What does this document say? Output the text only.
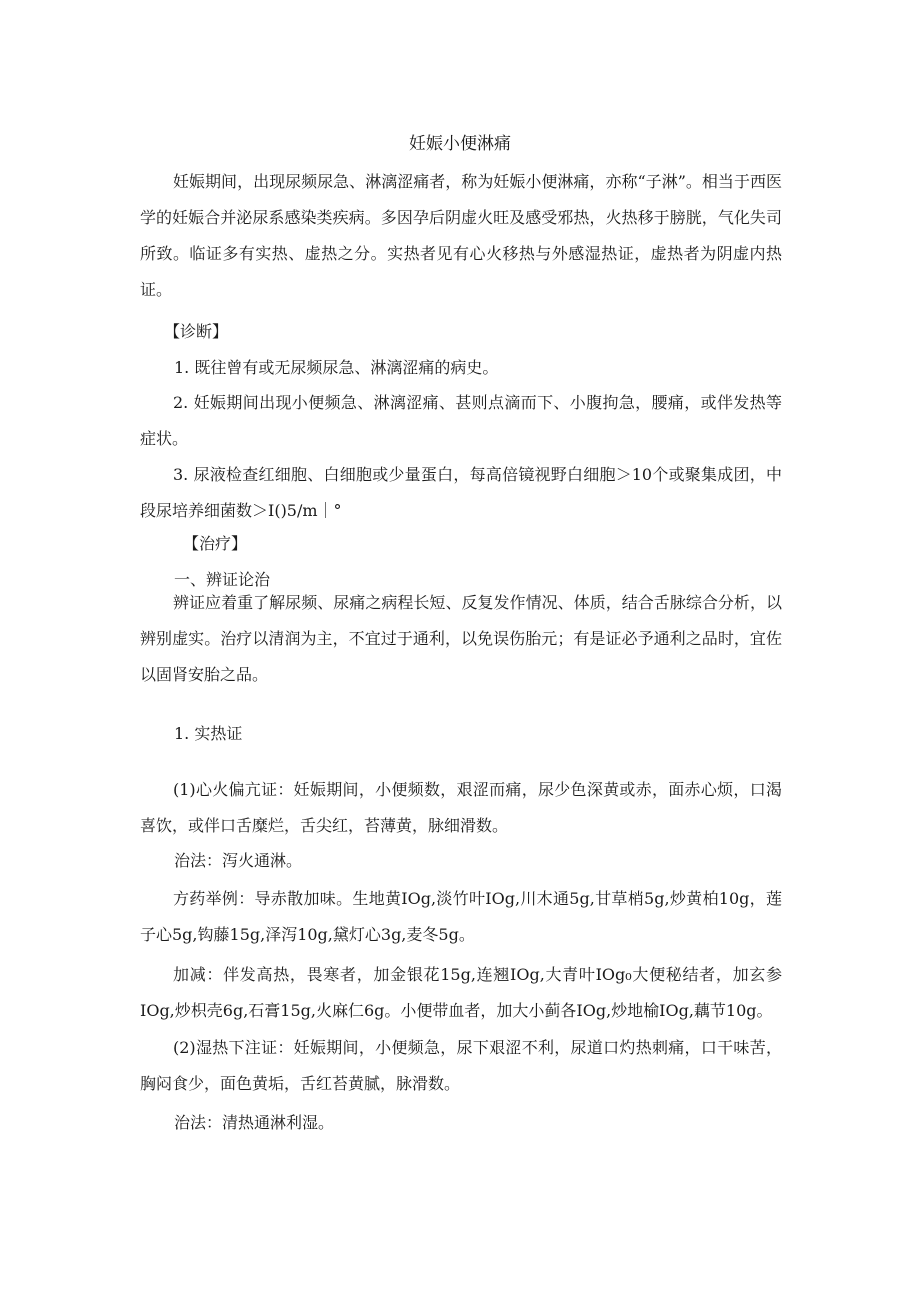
妊娠小便淋痛
妊娠期间，出现尿频尿急、淋漓涩痛者，称为妊娠小便淋痛，亦称“子淋”。相当于西医学的妊娠合并泌尿系感染类疾病。多因孕后阴虚火旺及感受邪热，火热移于膀胱，气化失司所致。临证多有实热、虚热之分。实热者见有心火移热与外感湿热证，虚热者为阴虚内热证。
【诊断】
1. 既往曾有或无尿频尿急、淋漓涩痛的病史。
2. 妊娠期间出现小便频急、淋漓涩痛、甚则点滴而下、小腹拘急，腰痛，或伴发热等症状。
3. 尿液检查红细胞、白细胞或少量蛋白，每高倍镜视野白细胞＞10个或聚集成团，中段尿培养细菌数＞I()5∕m｜°
【治疗】
一、辨证论治
辨证应着重了解尿频、尿痛之病程长短、反复发作情况、体质，结合舌脉综合分析，以辨别虚实。治疗以清润为主，不宜过于通利，以免误伤胎元；有是证必予通利之品时，宜佐以固肾安胎之品。
1. 实热证
(1)心火偏亢证：妊娠期间，小便频数，艰涩而痛，尿少色深黄或赤，面赤心烦，口渴喜饮，或伴口舌糜烂，舌尖红，苔薄黄，脉细滑数。
治法：泻火通淋。
方药举例：导赤散加味。生地黄IOg,淡竹叶IOg,川木通5g,甘草梢5g,炒黄柏10g，莲子心5g,钩藤15g,泽泻10g,黛灯心3g,麦冬5g。
加减：伴发高热，畏寒者，加金银花15g,连翘IOg,大青叶IOg₀大便秘结者，加玄参IOg,炒枳壳6g,石膏15g,火麻仁6g。小便带血者，加大小蓟各IOg,炒地榆IOg,藕节10g。
(2)湿热下注证：妊娠期间，小便频急，尿下艰涩不利，尿道口灼热刺痛，口干味苦，胸闷食少，面色黄垢，舌红苔黄腻，脉滑数。
治法：清热通淋利湿。
